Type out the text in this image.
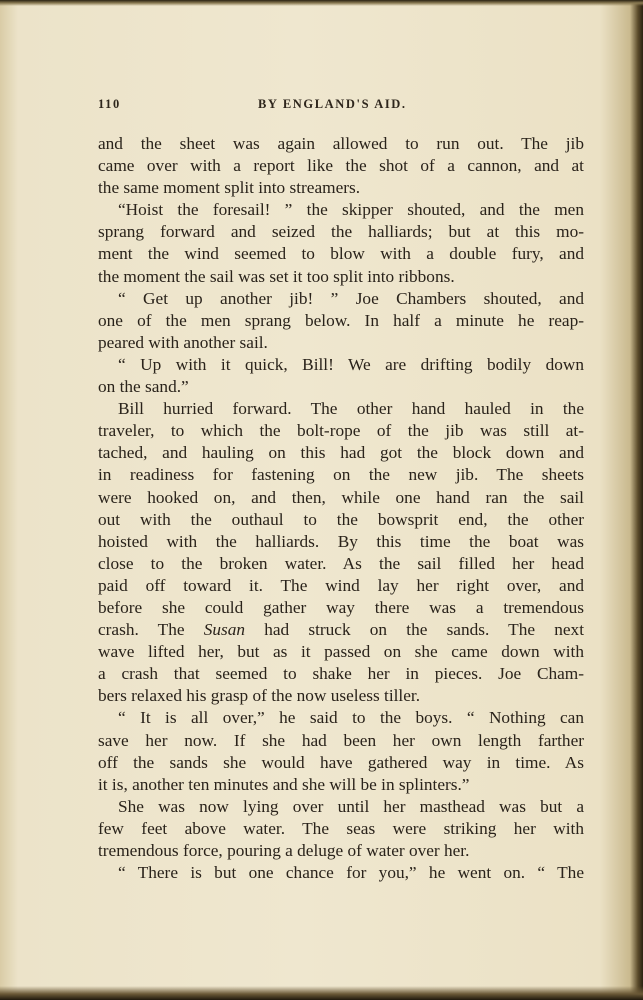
110	BY ENGLAND'S AID.
and the sheet was again allowed to run out. The jib
came over with a report like the shot of a cannon, and at
the same moment split into streamers.
“Hoist the foresail! ” the skipper shouted, and the men
sprang forward and seized the halliards; but at this mo-
ment the wind seemed to blow with a double fury, and
the moment the sail was set it too split into ribbons.
“ Get up another jib! ” Joe Chambers shouted, and
one of the men sprang below. In half a minute he reap-
peared with another sail.
“ Up with it quick, Bill! We are drifting bodily down
on the sand.”
Bill hurried forward. The other hand hauled in the
traveler, to which the bolt-rope of the jib was still at-
tached, and hauling on this had got the block down and
in readiness for fastening on the new jib. The sheets
were hooked on, and then, while one hand ran the sail
out with the outhaul to the bowsprit end, the other
hoisted with the halliards. By this time the boat was
close to the broken water. As the sail filled her head
paid off toward it. The wind lay her right over, and
before she could gather way there was a tremendous
crash. The Susan had struck on the sands. The next
wave lifted her, but as it passed on she came down with
a crash that seemed to shake her in pieces. Joe Cham-
bers relaxed his grasp of the now useless tiller.
“ It is all over,” he said to the boys. “ Nothing can
save her now. If she had been her own length farther
off the sands she would have gathered way in time. As
it is, another ten minutes and she will be in splinters.”
She was now lying over until her masthead was but a
few feet above water. The seas were striking her with
tremendous force, pouring a deluge of water over her.
“ There is but one chance for you,” he went on. “ The
